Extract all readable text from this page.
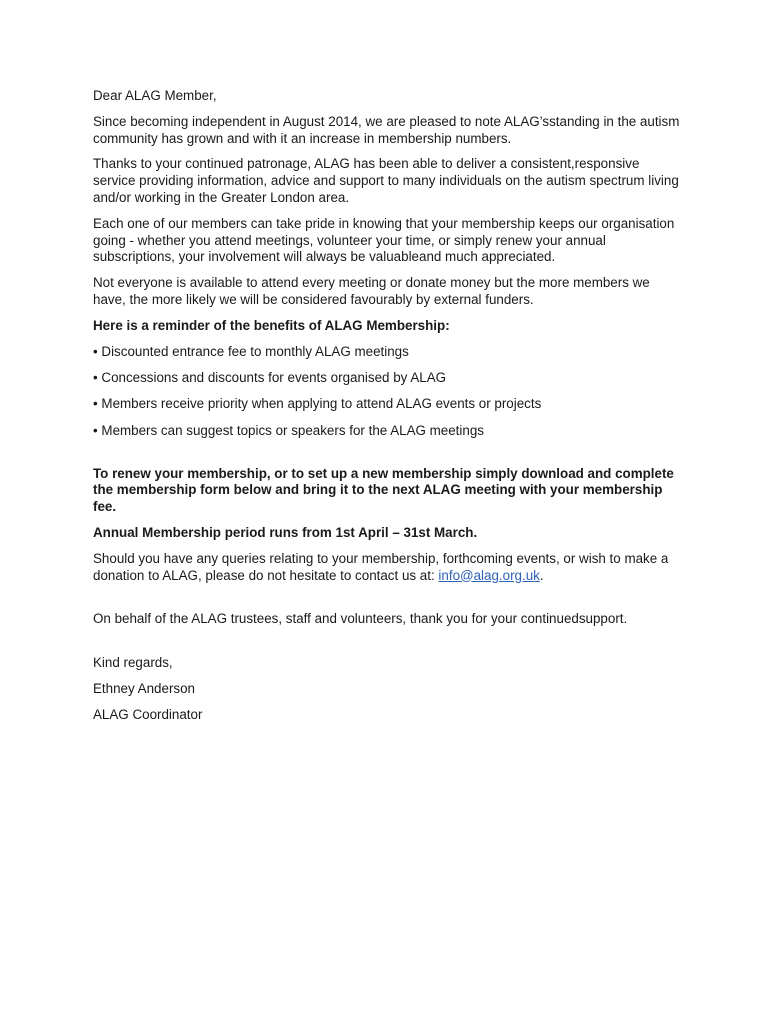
Dear ALAG Member,

Since becoming independent in August 2014, we are pleased to note ALAG’sstanding in the autism community has grown and with it an increase in membership numbers.

Thanks to your continued patronage, ALAG has been able to deliver a consistent,responsive service providing information, advice and support to many individuals on the autism spectrum living and/or working in the Greater London area.

Each one of our members can take pride in knowing that your membership keeps our organisation going - whether you attend meetings, volunteer your time, or simply renew your annual subscriptions, your involvement will always be valuableand much appreciated.

Not everyone is available to attend every meeting or donate money but the more members we have, the more likely we will be considered favourably by external funders.

Here is a reminder of the benefits of ALAG Membership:

• Discounted entrance fee to monthly ALAG meetings

• Concessions and discounts for events organised by ALAG

• Members receive priority when applying to attend ALAG events or projects

• Members can suggest topics or speakers for the ALAG meetings

To renew your membership, or to set up a new membership simply download and complete the membership form below and bring it to the next ALAG meeting with your membership fee.

Annual Membership period runs from 1st April – 31st March.

Should you have any queries relating to your membership, forthcoming events, or wish to make a donation to ALAG, please do not hesitate to contact us at: info@alag.org.uk.

On behalf of the ALAG trustees, staff and volunteers, thank you for your continuedsupport.

Kind regards,

Ethney Anderson

ALAG Coordinator
